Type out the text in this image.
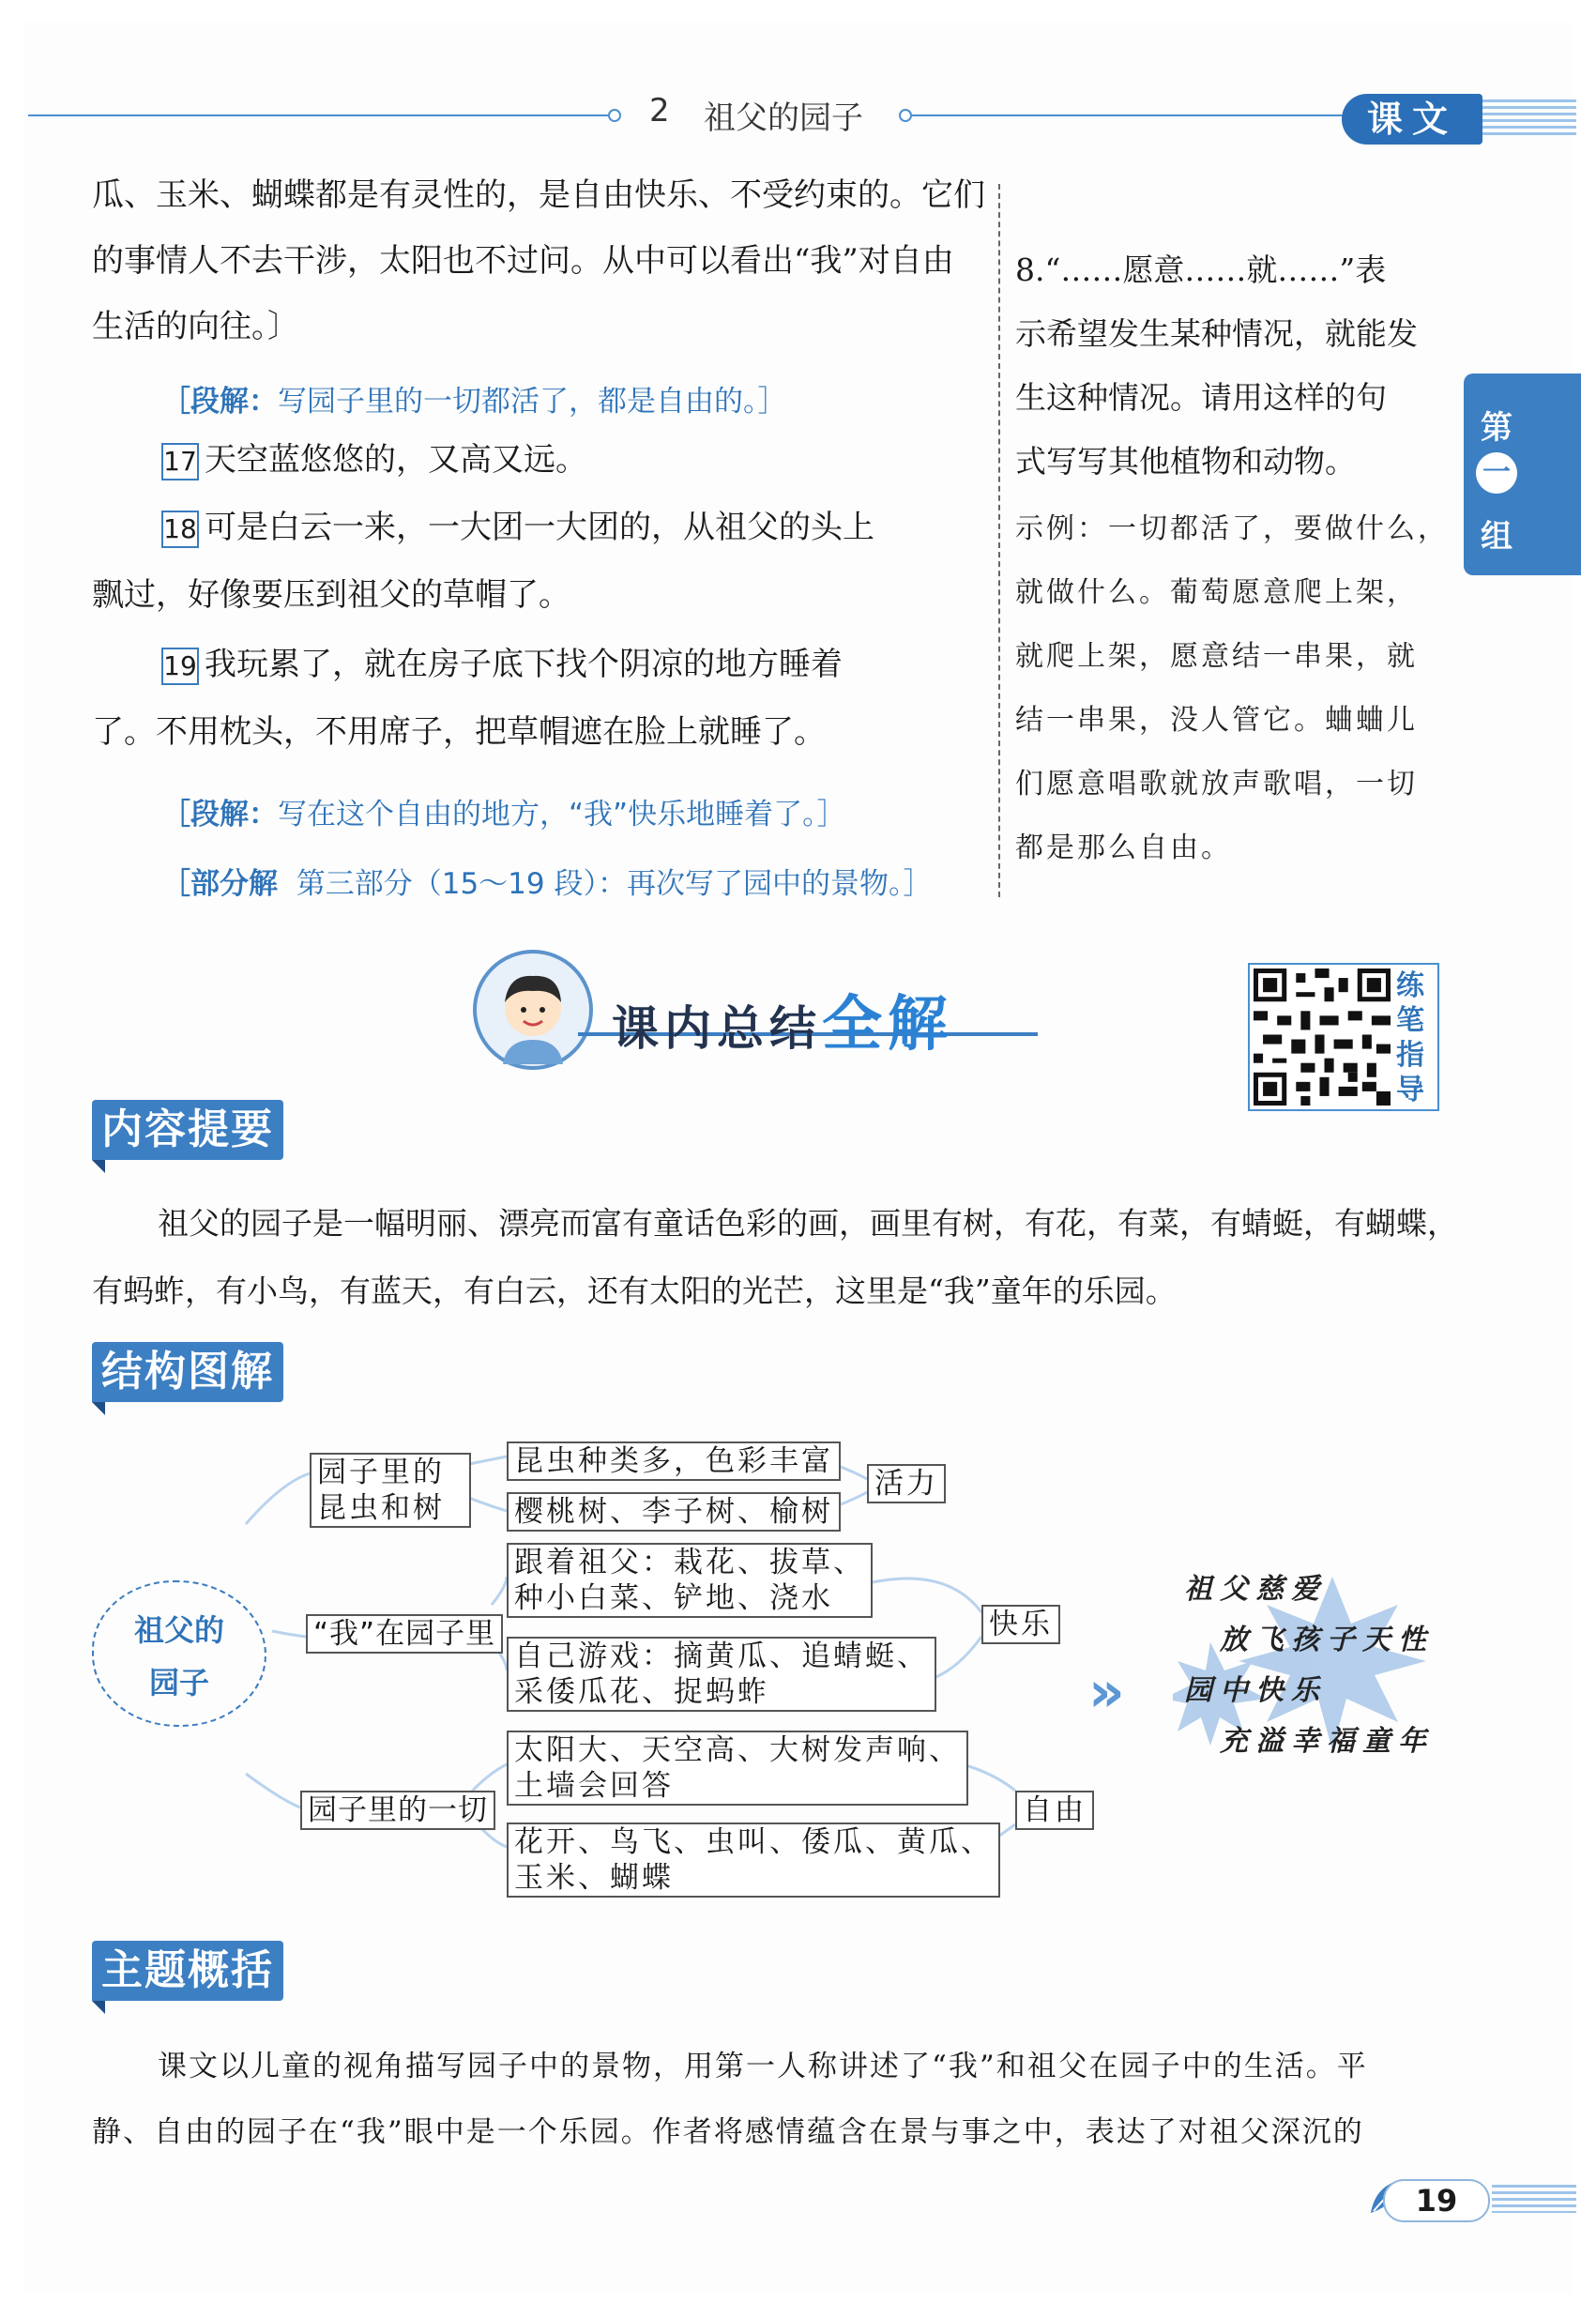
2 祖父的园子	课文
第
一
组
瓜、玉米、蝴蝶都是有灵性的，是自由快乐、不受约束的。它们
的事情人不去干涉，太阳也不过问。从中可以看出“我”对自由
生活的向往。〕
［段解：写园子里的一切都活了，都是自由的。］
17 天空蓝悠悠的，又高又远。
18 可是白云一来，一大团一大团的，从祖父的头上
飘过，好像要压到祖父的草帽了。
19 我玩累了，就在房子底下找个阴凉的地方睡着
了。不用枕头，不用席子，把草帽遮在脸上就睡了。
［段解：写在这个自由的地方，“我”快乐地睡着了。］
［部分解 第三部分（15～19 段）：再次写了园中的景物。］
8.“……愿意……就……”表
示希望发生某种情况，就能发
生这种情况。请用这样的句
式写写其他植物和动物。
示例：一切都活了，要做什么，
就做什么。葡萄愿意爬上架，
就爬上架，愿意结一串果，就
结一串果，没人管它。蛐蛐儿
们愿意唱歌就放声歌唱，一切
都是那么自由。
课内总结全解
练
笔
指
导
内容提要
祖父的园子是一幅明丽、漂亮而富有童话色彩的画，画里有树，有花，有菜，有蜻蜓，有蝴蝶，
有蚂蚱，有小鸟，有蓝天，有白云，还有太阳的光芒，这里是“我”童年的乐园。
结构图解
祖父的
园子
园子里的
昆虫和树
昆虫种类多，色彩丰富
樱桃树、李子树、榆树
活力
“我”在园子里
跟着祖父：栽花、拔草、
种小白菜、铲地、浇水
自己游戏：摘黄瓜、追蜻蜓、
采倭瓜花、捉蚂蚱
快乐
园子里的一切
太阳大、天空高、大树发声响、
土墙会回答
花开、鸟飞、虫叫、倭瓜、黄瓜、
玉米、蝴蝶
自由
»
祖父慈爱
放飞孩子天性
园中快乐
充溢幸福童年
主题概括
课文以儿童的视角描写园子中的景物，用第一人称讲述了“我”和祖父在园子中的生活。平
静、自由的园子在“我”眼中是一个乐园。作者将感情蕴含在景与事之中，表达了对祖父深沉的
19
